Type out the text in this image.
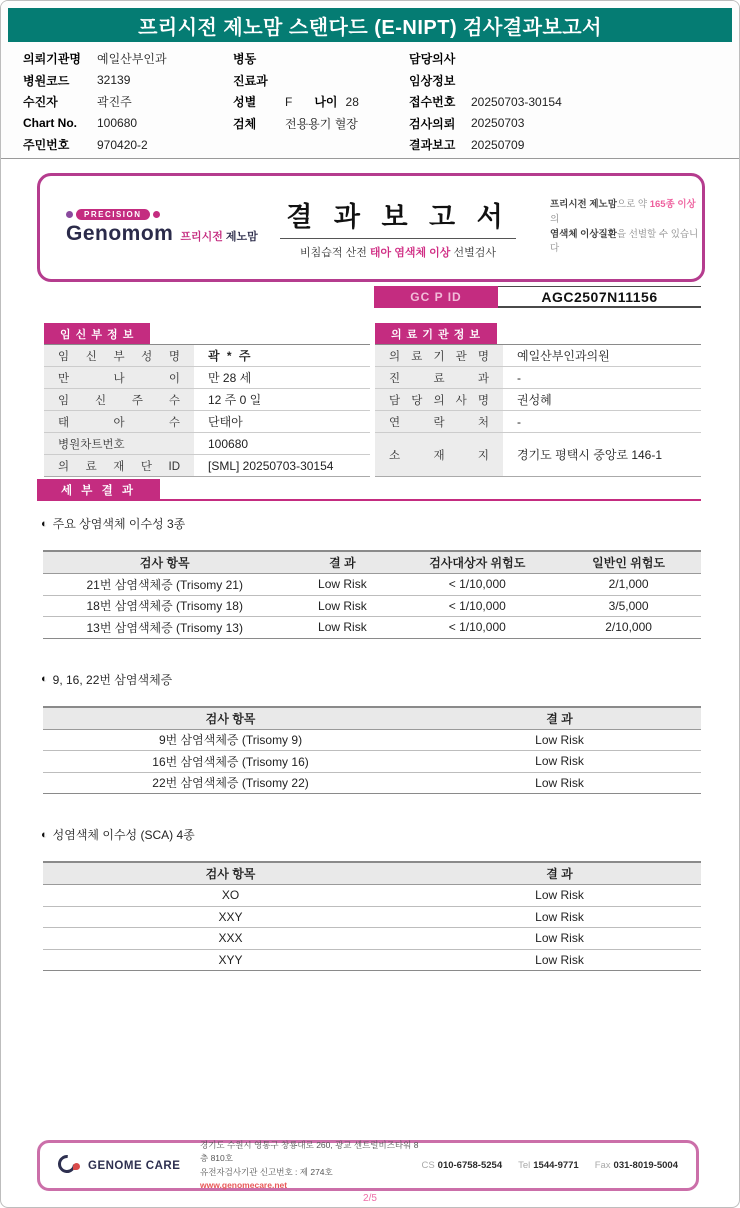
프리시전 제노맘 스탠다드 (E-NIPT) 검사결과보고서
의뢰기관명	예일산부인과
병원코드	32139
수진자	곽진주
Chart No.	100680
주민번호	970420-2
병동
진료과
성별	F 나이 28
검체	전용용기 혈장
담당의사
임상정보
접수번호	20250703-30154
검사의뢰	20250703
결과보고	20250709
PRECISION
Genomom 프리시전 제노맘
결 과 보 고 서
비침습적 산전 태아 염색체 이상 선별검사
프리시전 제노맘으로 약 165종 이상의
염색체 이상질환을 선별할 수 있습니다
GC P ID	AGC2507N11156
임 신 부 정 보
임 신 부 성 명	곽 * 주
만 나 이	만 28 세
임 신 주 수	12 주 0 일
태 아 수	단태아
병원차트번호	100680
의 료 재 단 ID	[SML] 20250703-30154
의 료 기 관 정 보
의 료 기 관 명	예일산부인과의원
진 료 과	-
담 당 의 사 명	권성혜
연 락 처	-
소 재 지	경기도 평택시 중앙로 146-1
세 부 결 과
◐ 주요 상염색체 이수성 3종
검사 항목	결 과	검사대상자 위험도	일반인 위험도
21번 삼염색체증 (Trisomy 21)	Low Risk	< 1/10,000	2/1,000
18번 삼염색체증 (Trisomy 18)	Low Risk	< 1/10,000	3/5,000
13번 삼염색체증 (Trisomy 13)	Low Risk	< 1/10,000	2/10,000
◐ 9, 16, 22번 삼염색체증
검사 항목	결 과
9번 삼염색체증 (Trisomy 9)	Low Risk
16번 삼염색체증 (Trisomy 16)	Low Risk
22번 삼염색체증 (Trisomy 22)	Low Risk
◐ 성염색체 이수성 (SCA) 4종
검사 항목	결 과
XO	Low Risk
XXY	Low Risk
XXX	Low Risk
XYY	Low Risk
GENOME CARE
경기도 수원시 영통구 창룡대로 260, 광교 센트럴비즈타워 8층 810호
유전자검사기관 신고번호 : 제 274호
www.genomecare.net
CS 010-6758-5254 Tel 1544-9771 Fax 031-8019-5004
2/5
